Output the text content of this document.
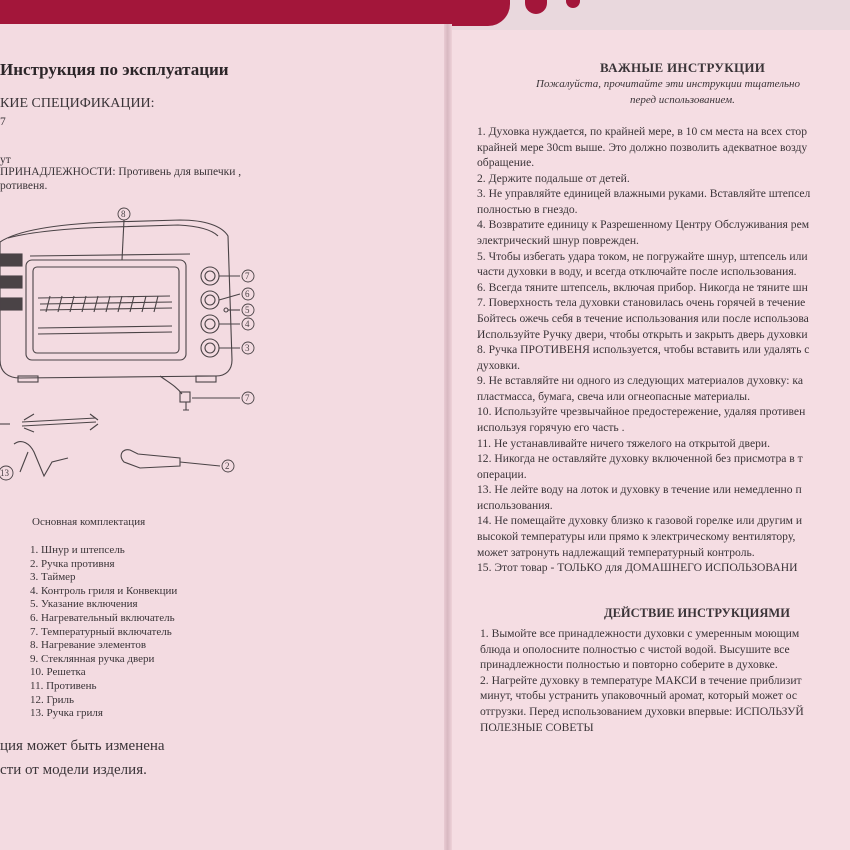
Инструкция по эксплуатации
КИЕ СПЕЦИФИКАЦИИ:
7
ут
ПРИНАДЛЕЖНОСТИ: Противень для выпечки ,
ротивеня.
8
7
6
5
4
3
7
2
13
Основная комплектация
1. Шнур и штепсель
2. Ручка противня
3. Таймер
4. Контроль гриля и Конвекции
5. Указание включения
6. Нагревательный включатель
7. Температурный включатель
8. Нагревание элементов
9. Стеклянная ручка двери
10. Решетка
11. Противень
12. Гриль
13. Ручка гриля
ция может быть изменена
сти от модели изделия.
ВАЖНЫЕ ИНСТРУКЦИИ
Пожалуйста, прочитайте эти инструкции тщательно
перед использованием.
1. Духовка нуждается, по крайней мере, в 10 см места на всех стор
крайней мере 30cm выше. Это должно позволить адекватное возду
обращение.
2. Держите подальше от детей.
3. Не управляйте единицей влажными руками. Вставляйте штепсел
полностью в гнездо.
4. Возвратите единицу к Разрешенному Центру Обслуживания рем
электрический шнур поврежден.
5. Чтобы избегать удара током, не погружайте шнур, штепсель или
части духовки в воду, и всегда отключайте после использования.
6. Всегда тяните штепсель, включая прибор. Никогда не тяните шн
7. Поверхность тела духовки становилась очень горячей в течение
Бойтесь ожечь себя в течение использования или после использова
Используйте Ручку двери, чтобы открыть и закрыть дверь духовки
8. Ручка ПРОТИВЕНЯ используется, чтобы вставить или удалять с
духовки.
9. Не вставляйте ни одного из следующих материалов духовку: ка
пластмасса, бумага, свеча или огнеопасные материалы.
10. Используйте чрезвычайное предостережение, удаляя противен
используя горячую его часть .
11. Не устанавливайте ничего тяжелого на открытой двери.
12. Никогда не оставляйте духовку включенной без присмотра в т
операции.
13. Не лейте воду на лоток и духовку в течение или немедленно п
использования.
14. Не помещайте духовку близко к газовой горелке или другим и
высокой температуры или прямо к электрическому вентилятору,
может затронуть надлежащий температурный контроль.
15. Этот товар - ТОЛЬКО для ДОМАШНЕГО ИСПОЛЬЗОВАНИ
ДЕЙСТВИЕ ИНСТРУКЦИЯМИ
1. Вымойте все принадлежности духовки с умеренным моющим
блюда и ополосните полностью с чистой водой. Высушите все
принадлежности полностью и повторно соберите в духовке.
2. Нагрейте духовку в температуре МАКСИ в течение приблизит
минут, чтобы устранить упаковочный аромат, который может ос
отгрузки. Перед использованием духовки впервые: ИСПОЛЬЗУЙ
ПОЛЕЗНЫЕ СОВЕТЫ
